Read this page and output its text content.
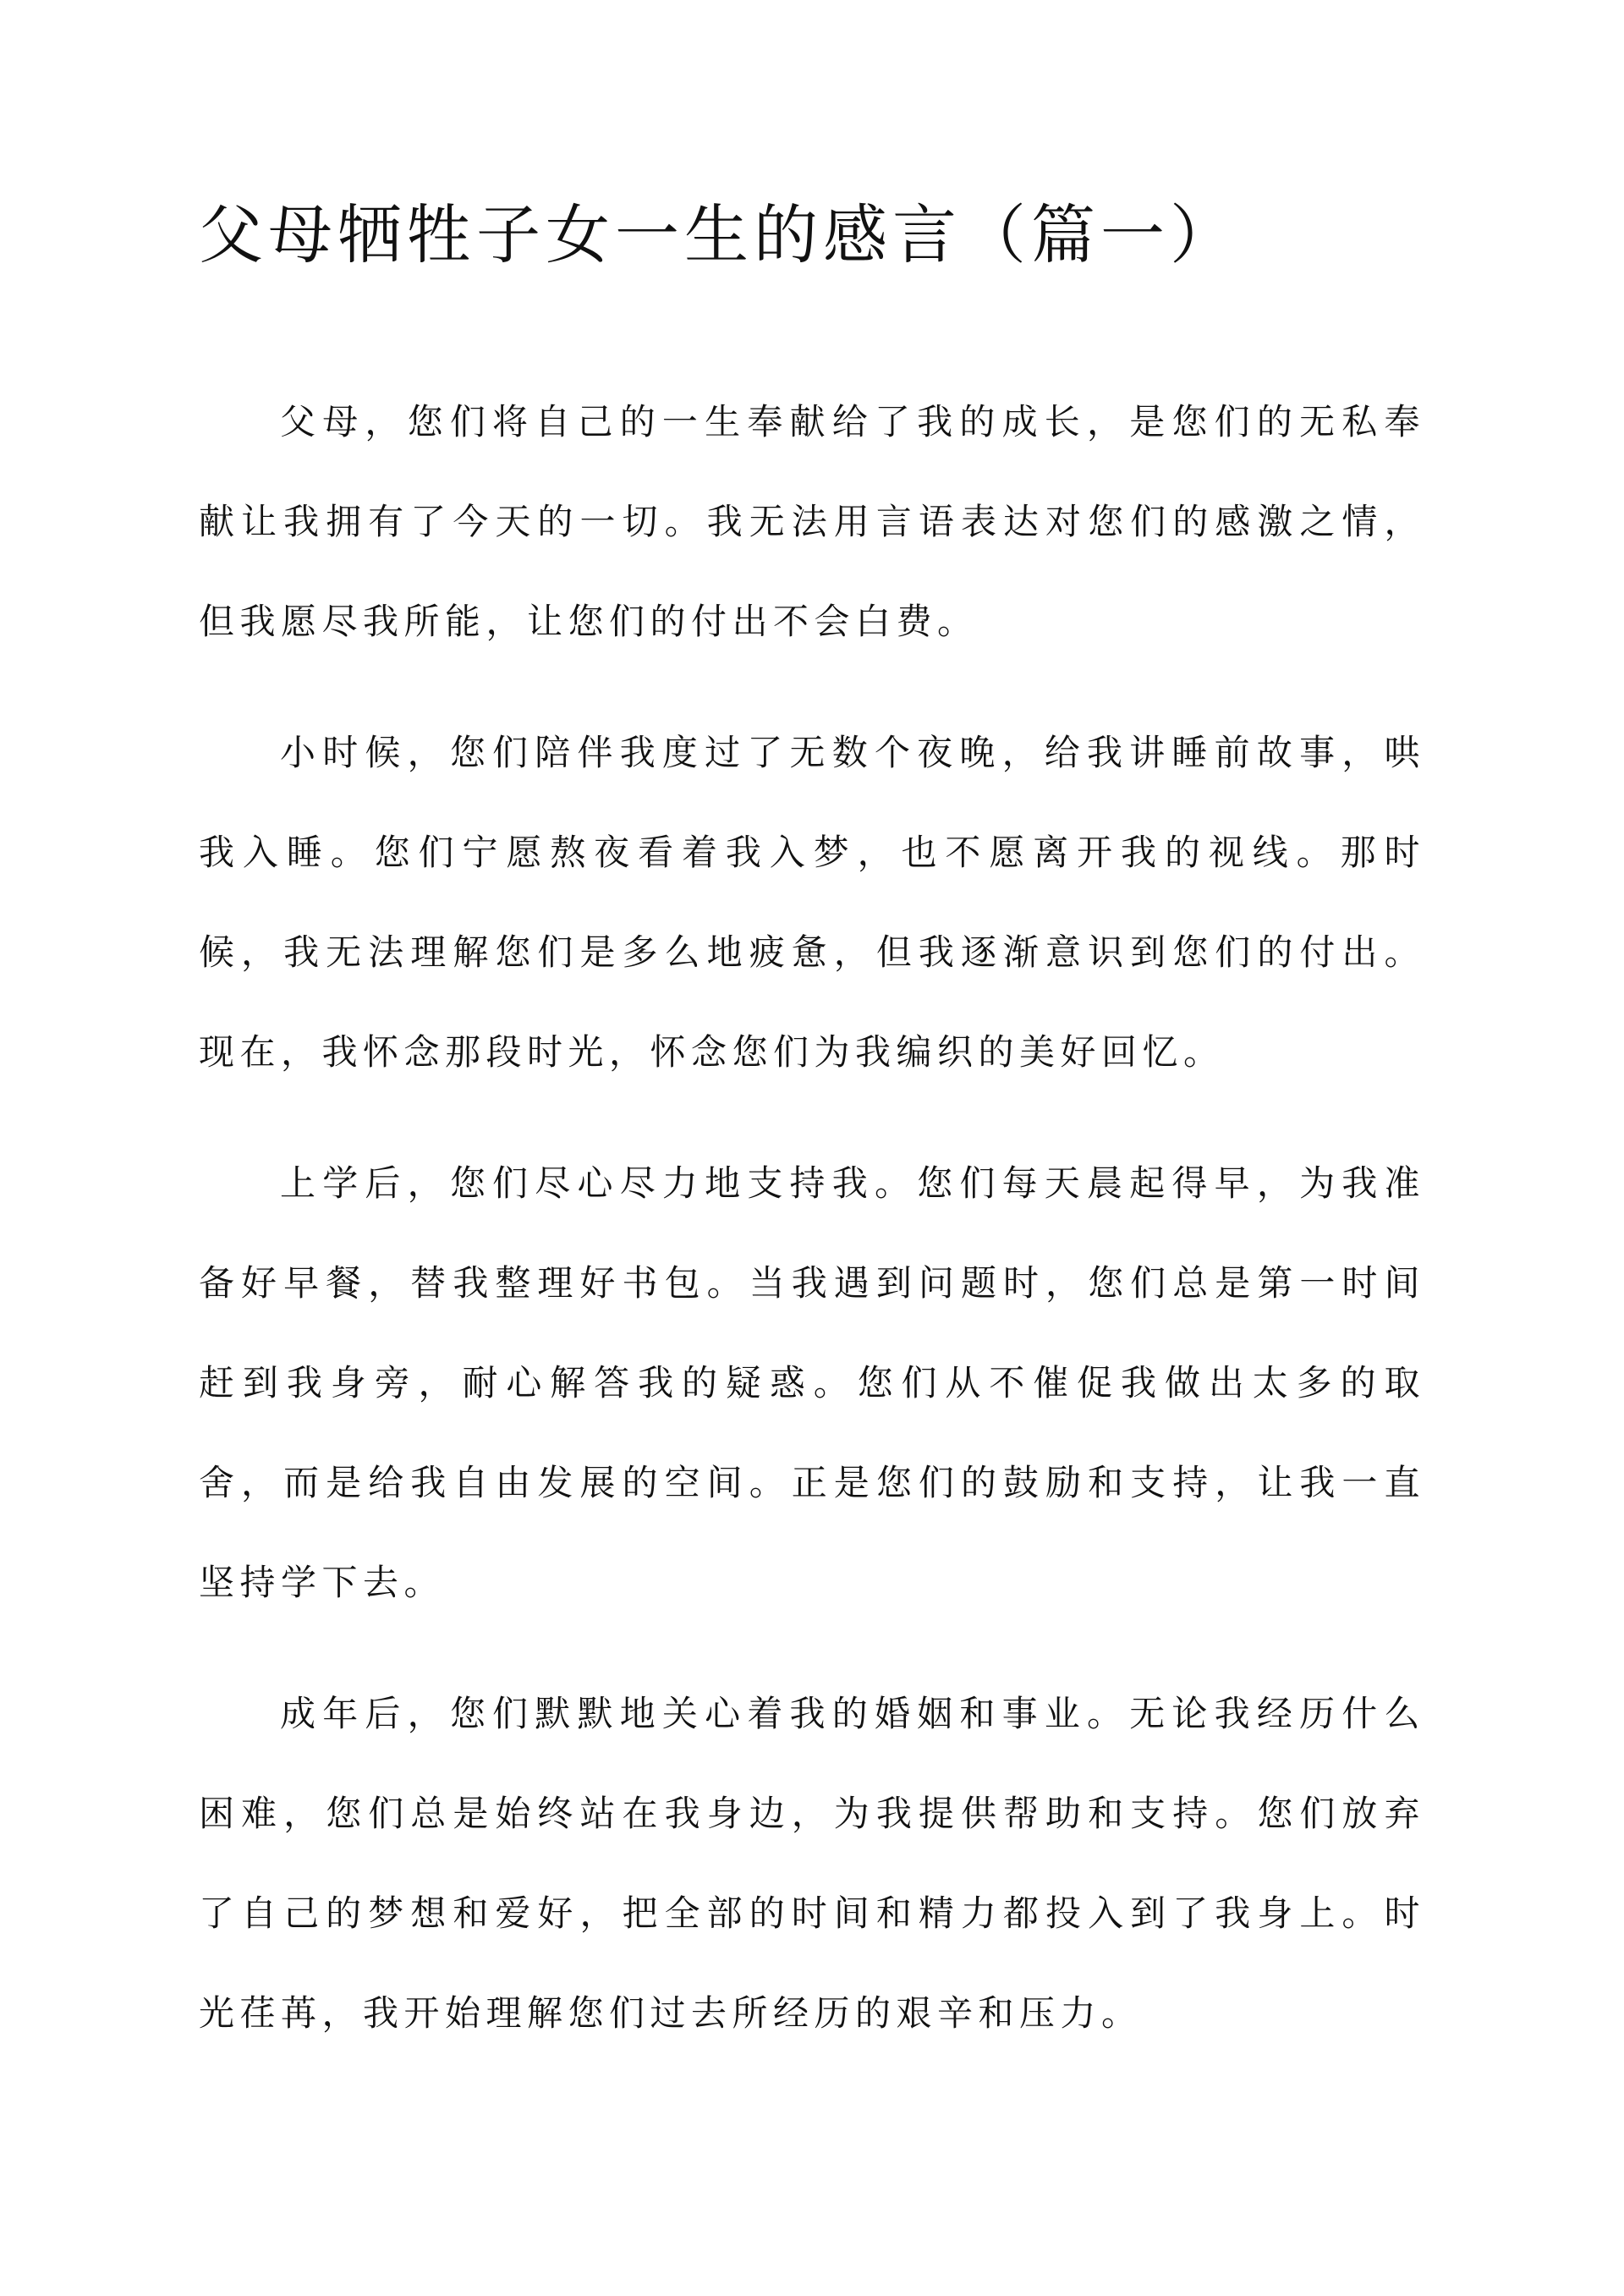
父母牺牲子女一生的感言（篇一）

父母，您们将自己的一生奉献给了我的成长，是您们的无私奉献让我拥有了今天的一切。我无法用言语表达对您们的感激之情，但我愿尽我所能，让您们的付出不会白费。

小时候，您们陪伴我度过了无数个夜晚，给我讲睡前故事，哄我入睡。您们宁愿熬夜看着我入梦，也不愿离开我的视线。那时候，我无法理解您们是多么地疲惫，但我逐渐意识到您们的付出。现在，我怀念那段时光，怀念您们为我编织的美好回忆。

上学后，您们尽心尽力地支持我。您们每天晨起得早，为我准备好早餐，替我整理好书包。当我遇到问题时，您们总是第一时间赶到我身旁，耐心解答我的疑惑。您们从不催促我做出太多的取舍，而是给我自由发展的空间。正是您们的鼓励和支持，让我一直坚持学下去。

成年后，您们默默地关心着我的婚姻和事业。无论我经历什么困难，您们总是始终站在我身边，为我提供帮助和支持。您们放弃了自己的梦想和爱好，把全部的时间和精力都投入到了我身上。时光荏苒，我开始理解您们过去所经历的艰辛和压力。
